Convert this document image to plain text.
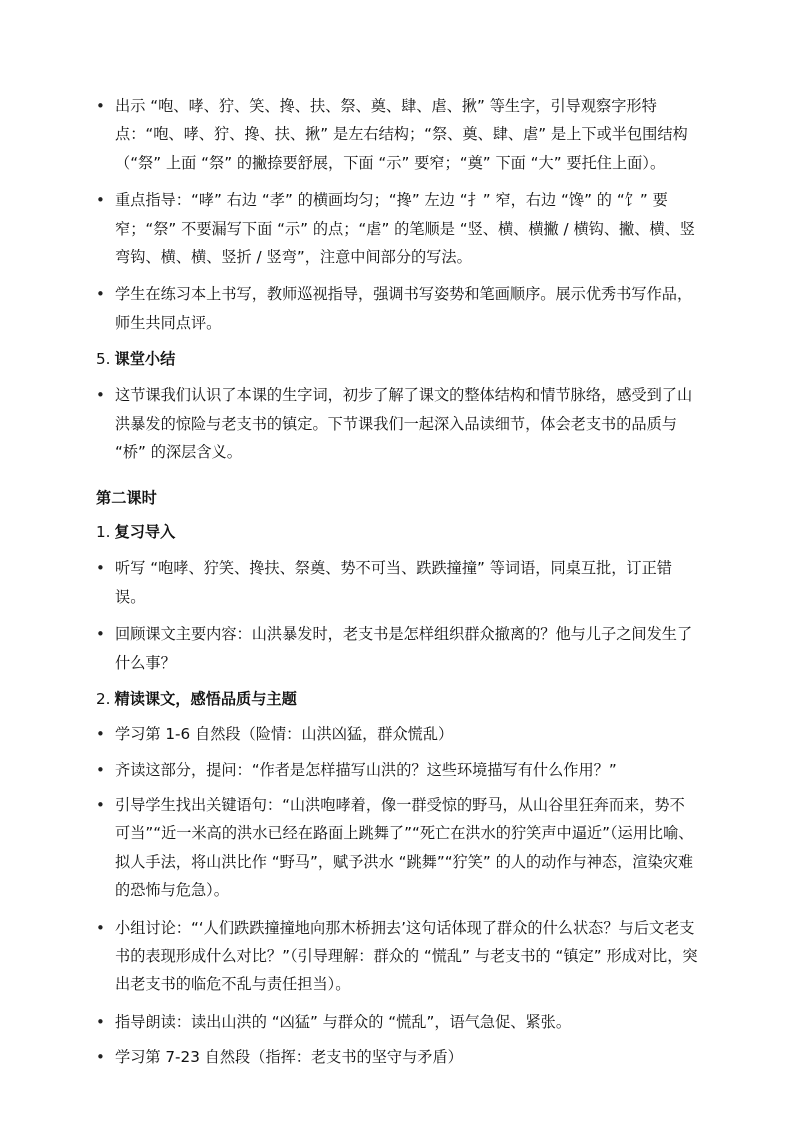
• 出示 “咆、哮、狞、笑、搀、扶、祭、奠、肆、虐、揪” 等生字，引导观察字形特点：“咆、哮、狞、搀、扶、揪” 是左右结构；“祭、奠、肆、虐” 是上下或半包围结构（“祭” 上面 “祭” 的撇捺要舒展，下面 “示” 要窄；“奠” 下面 “大” 要托住上面）。

• 重点指导：“哮” 右边 “孝” 的横画均匀；“搀” 左边 “扌” 窄，右边 “馋” 的 “饣” 要窄；“祭” 不要漏写下面 “示” 的点；“虐” 的笔顺是 “竖、横、横撇 / 横钩、撇、横、竖弯钩、横、横、竖折 / 竖弯”，注意中间部分的写法。

• 学生在练习本上书写，教师巡视指导，强调书写姿势和笔画顺序。展示优秀书写作品，师生共同点评。

5. 课堂小结

• 这节课我们认识了本课的生字词，初步了解了课文的整体结构和情节脉络，感受到了山洪暴发的惊险与老支书的镇定。下节课我们一起深入品读细节，体会老支书的品质与 “桥” 的深层含义。

第二课时

1. 复习导入

• 听写 “咆哮、狞笑、搀扶、祭奠、势不可当、跌跌撞撞” 等词语，同桌互批，订正错误。

• 回顾课文主要内容：山洪暴发时，老支书是怎样组织群众撤离的？他与儿子之间发生了什么事？

2. 精读课文，感悟品质与主题

• 学习第 1-6 自然段（险情：山洪凶猛，群众慌乱）

• 齐读这部分，提问：“作者是怎样描写山洪的？这些环境描写有什么作用？”

• 引导学生找出关键语句：“山洪咆哮着，像一群受惊的野马，从山谷里狂奔而来，势不可当”“近一米高的洪水已经在路面上跳舞了”“死亡在洪水的狞笑声中逼近”（运用比喻、拟人手法，将山洪比作 “野马”，赋予洪水 “跳舞”“狞笑” 的人的动作与神态，渲染灾难的恐怖与危急）。

• 小组讨论：“‘人们跌跌撞撞地向那木桥拥去’这句话体现了群众的什么状态？与后文老支书的表现形成什么对比？”（引导理解：群众的 “慌乱” 与老支书的 “镇定” 形成对比，突出老支书的临危不乱与责任担当）。

• 指导朗读：读出山洪的 “凶猛” 与群众的 “慌乱”，语气急促、紧张。

• 学习第 7-23 自然段（指挥：老支书的坚守与矛盾）
